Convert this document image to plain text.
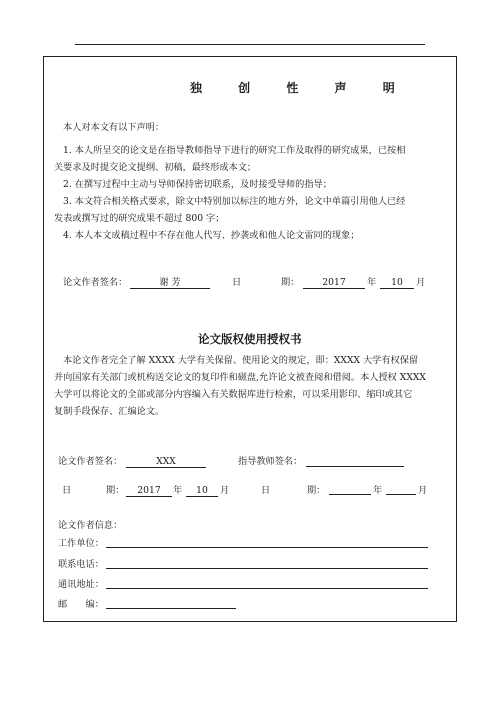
独 创 性 声 明
本人对本文有以下声明：
1. 本人所呈交的论文是在指导教师指导下进行的研究工作及取得的研究成果，已按相
关要求及时提交论文提纲、初稿，最终形成本文；
2. 在撰写过程中主动与导师保持密切联系，及时接受导师的指导；
3. 本文符合相关格式要求，除文中特别加以标注的地方外，论文中单篇引用他人已经
发表或撰写过的研究成果不超过 800 字；
4. 本人本文成稿过程中不存在他人代写、抄袭或和他人论文雷同的现象；
论文作者签名：	谢 芳	日	期：	2017	年	10	月
论文版权使用授权书
本论文作者完全了解 XXXX 大学有关保留、使用论文的规定，即：XXXX 大学有权保留
并向国家有关部门或机构送交论文的复印件和磁盘,允许论文被查阅和借阅。本人授权 XXXX
大学可以将论文的全部或部分内容编入有关数据库进行检索，可以采用影印、缩印或其它
复制手段保存、汇编论文。
论文作者签名：	XXX	指导教师签名：
日	期：	2017	年	10	月	日	期：	年	月
论文作者信息：
工作单位：
联系电话：
通讯地址：
邮　　编：
